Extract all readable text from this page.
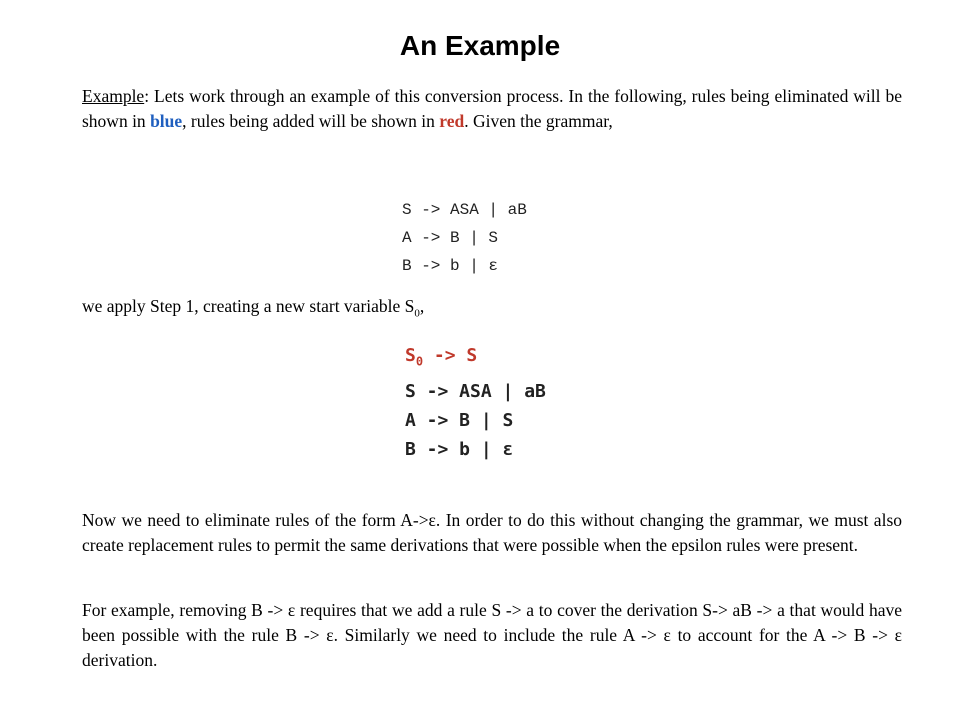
An Example
Example: Lets work through an example of this conversion process. In the following, rules being eliminated will be shown in blue, rules being added will be shown in red. Given the grammar,
S -> ASA | aB
A -> B | S
B -> b | ε
we apply Step 1, creating a new start variable $S_0$,
$S_0 -> S$
S -> ASA | aB
A -> B | S
B -> b | ε
Now we need to eliminate rules of the form A->ε. In order to do this without changing the grammar, we must also create replacement rules to permit the same derivations that were possible when the epsilon rules were present.
For example, removing B -> ε requires that we add a rule S -> a to cover the derivation S-> aB -> a that would have been possible with the rule B -> ε. Similarly we need to include the rule A -> ε to account for the A -> B -> ε derivation.
